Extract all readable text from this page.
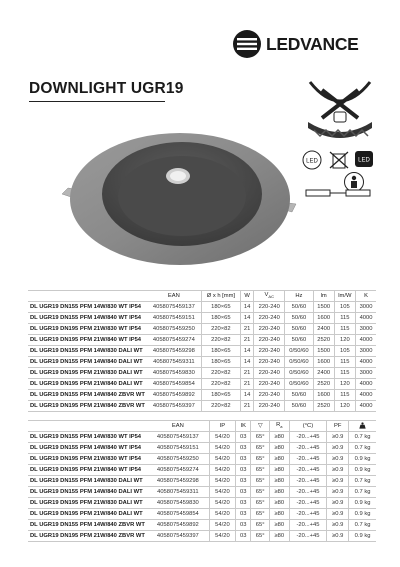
LEDVANCE
DOWNLIGHT UGR19
LED	LED
	EAN	Ø x h [mm]	W	$V_{AC}$	Hz	lm	lm/W	K
DL UGR19 DN155 PFM 14W/830 WT IP54	4058075459137	180×65	14	220-240	50/60	1500	105	3000
DL UGR19 DN155 PFM 14W/840 WT IP54	4058075459151	180×65	14	220-240	50/60	1600	115	4000
DL UGR19 DN195 PFM 21W/830 WT IP54	4058075459250	220×82	21	220-240	50/60	2400	115	3000
DL UGR19 DN195 PFM 21W/840 WT IP54	4058075459274	220×82	21	220-240	50/60	2520	120	4000
DL UGR19 DN155 PFM 14W/830 DALI WT	4058075459298	180×65	14	220-240	0/50/60	1500	105	3000
DL UGR19 DN155 PFM 14W/840 DALI WT	4058075459311	180×65	14	220-240	0/50/60	1600	115	4000
DL UGR19 DN195 PFM 21W/830 DALI WT	4058075459830	220×82	21	220-240	0/50/60	2400	115	3000
DL UGR19 DN195 PFM 21W/840 DALI WT	4058075459854	220×82	21	220-240	0/50/60	2520	120	4000
DL UGR19 DN155 PFM 14W/840 ZBVR WT	4058075459892	180×65	14	220-240	50/60	1600	115	4000
DL UGR19 DN195 PFM 21W/840 ZBVR WT	4058075459397	220×82	21	220-240	50/60	2520	120	4000
	EAN	IP	IK	▽	$R_a$	(°C)	PF	
DL UGR19 DN155 PFM 14W/830 WT IP54	4058075459137	54/20	03	65°	≥80	-20...+45	≥0.9	0.7 kg
DL UGR19 DN155 PFM 14W/840 WT IP54	4058075459151	54/20	03	65°	≥80	-20...+45	≥0.9	0.7 kg
DL UGR19 DN195 PFM 21W/830 WT IP54	4058075459250	54/20	03	65°	≥80	-20...+45	≥0.9	0.9 kg
DL UGR19 DN195 PFM 21W/840 WT IP54	4058075459274	54/20	03	65°	≥80	-20...+45	≥0.9	0.9 kg
DL UGR19 DN155 PFM 14W/830 DALI WT	4058075459298	54/20	03	65°	≥80	-20...+45	≥0.9	0.7 kg
DL UGR19 DN155 PFM 14W/840 DALI WT	4058075459311	54/20	03	65°	≥80	-20...+45	≥0.9	0.7 kg
DL UGR19 DN195 PFM 21W/830 DALI WT	4058075459830	54/20	03	65°	≥80	-20...+45	≥0.9	0.9 kg
DL UGR19 DN195 PFM 21W/840 DALI WT	4058075459854	54/20	03	65°	≥80	-20...+45	≥0.9	0.9 kg
DL UGR19 DN155 PFM 14W/840 ZBVR WT	4058075459892	54/20	03	65°	≥80	-20...+45	≥0.9	0.7 kg
DL UGR19 DN195 PFM 21W/840 ZBVR WT	4058075459397	54/20	03	65°	≥80	-20...+45	≥0.9	0.9 kg
